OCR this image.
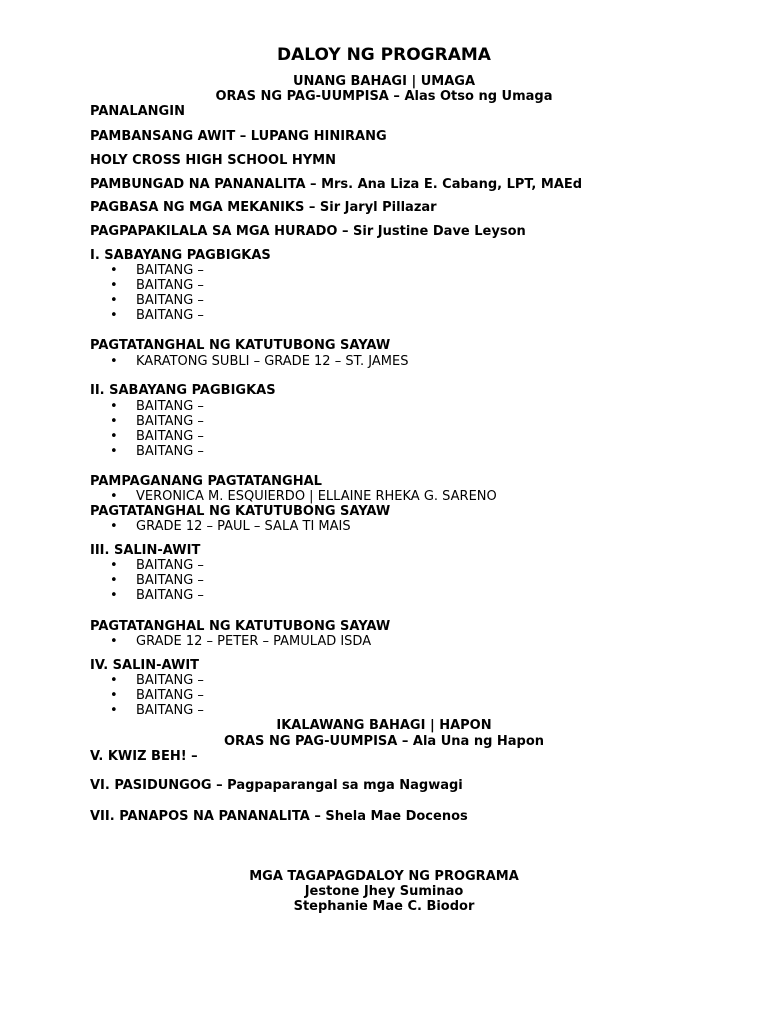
DALOY NG PROGRAMA
UNANG BAHAGI | UMAGA
ORAS NG PAG-UUMPISA – Alas Otso ng Umaga
PANALANGIN
PAMBANSANG AWIT – LUPANG HINIRANG
HOLY CROSS HIGH SCHOOL HYMN
PAMBUNGAD NA PANANALITA – Mrs. Ana Liza E. Cabang, LPT, MAEd
PAGBASA NG MGA MEKANIKS – Sir Jaryl Pillazar
PAGPAPAKILALA SA MGA HURADO – Sir Justine Dave Leyson
I. SABAYANG PAGBIGKAS
•	BAITANG –
•	BAITANG –
•	BAITANG –
•	BAITANG –
PAGTATANGHAL NG KATUTUBONG SAYAW
•	KARATONG SUBLI – GRADE 12 – ST. JAMES
II. SABAYANG PAGBIGKAS
•	BAITANG –
•	BAITANG –
•	BAITANG –
•	BAITANG –
PAMPAGANANG PAGTATANGHAL
•	VERONICA M. ESQUIERDO | ELLAINE RHEKA G. SARENO
PAGTATANGHAL NG KATUTUBONG SAYAW
•	GRADE 12 – PAUL – SALA TI MAIS
III. SALIN-AWIT
•	BAITANG –
•	BAITANG –
•	BAITANG –
PAGTATANGHAL NG KATUTUBONG SAYAW
•	GRADE 12 – PETER – PAMULAD ISDA
IV. SALIN-AWIT
•	BAITANG –
•	BAITANG –
•	BAITANG –
IKALAWANG BAHAGI | HAPON
ORAS NG PAG-UUMPISA – Ala Una ng Hapon
V. KWIZ BEH! –
VI. PASIDUNGOG – Pagpaparangal sa mga Nagwagi
VII. PANAPOS NA PANANALITA – Shela Mae Docenos
MGA TAGAPAGDALOY NG PROGRAMA
Jestone Jhey Suminao
Stephanie Mae C. Biodor
